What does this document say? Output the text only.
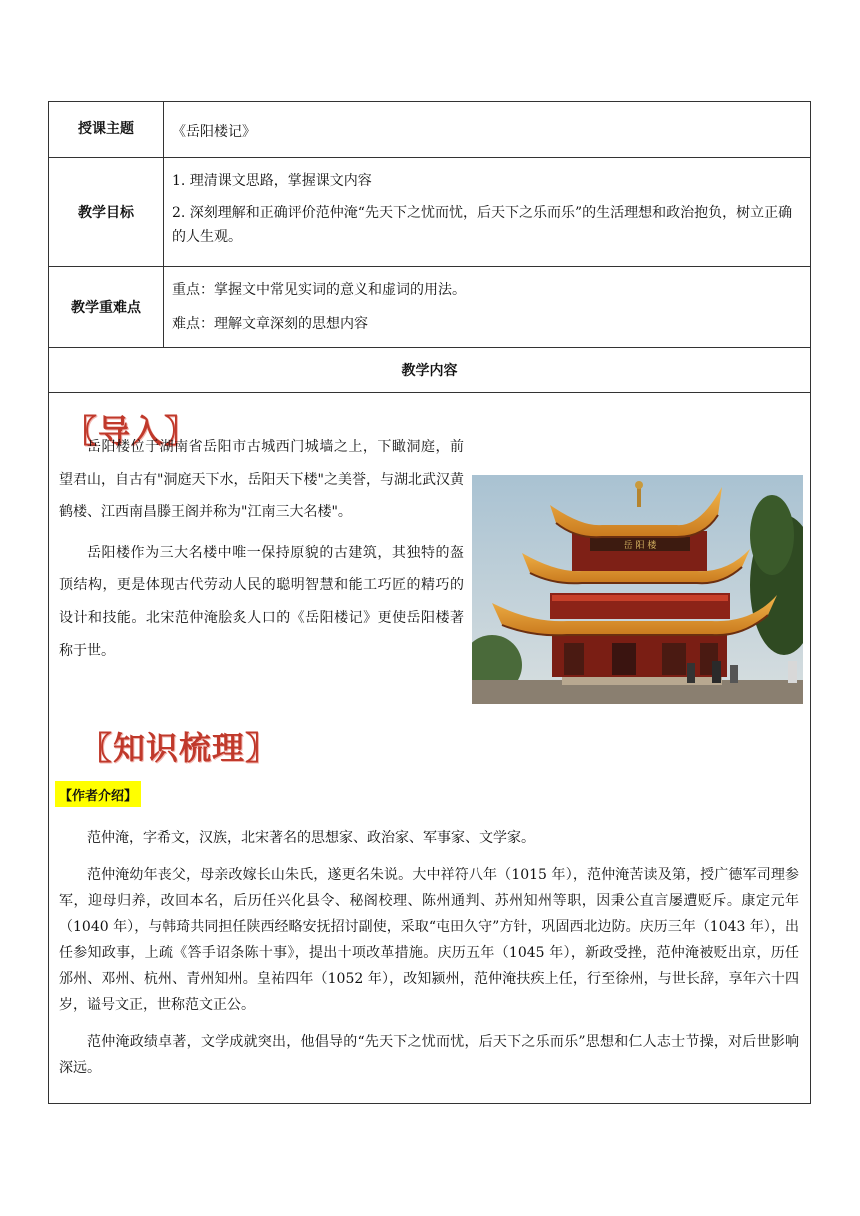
授课主题	《岳阳楼记》
教学目标

1. 理清课文思路，掌握课文内容

2. 深刻理解和正确评价范仲淹“先天下之忧而忧，后天下之乐而乐”的生活理想和政治抱负，树立正确的人生观。

教学重难点

重点：掌握文中常见实词的意义和虚词的用法。

难点：理解文章深刻的思想内容

教学内容
〖导入〗

岳阳楼位于湖南省岳阳市古城西门城墙之上，下瞰洞庭，前望君山，自古有"洞庭天下水，岳阳天下楼"之美誉，与湖北武汉黄鹤楼、江西南昌滕王阁并称为"江南三大名楼"。

岳阳楼作为三大名楼中唯一保持原貌的古建筑，其独特的盔顶结构，更是体现古代劳动人民的聪明智慧和能工巧匠的精巧的设计和技能。北宋范仲淹脍炙人口的《岳阳楼记》更使岳阳楼著称于世。

岳 阳 楼
〖知识梳理〗
【作者介绍】

范仲淹，字希文，汉族，北宋著名的思想家、政治家、军事家、文学家。

范仲淹幼年丧父，母亲改嫁长山朱氏，遂更名朱说。大中祥符八年（1015 年），范仲淹苦读及第，授广德军司理参军，迎母归养，改回本名，后历任兴化县令、秘阁校理、陈州通判、苏州知州等职，因秉公直言屡遭贬斥。康定元年（1040 年），与韩琦共同担任陕西经略安抚招讨副使，采取“屯田久守”方针，巩固西北边防。庆历三年（1043 年），出任参知政事，上疏《答手诏条陈十事》，提出十项改革措施。庆历五年（1045 年），新政受挫，范仲淹被贬出京，历任邠州、邓州、杭州、青州知州。皇祐四年（1052 年），改知颍州，范仲淹扶疾上任，行至徐州，与世长辞，享年六十四岁，谥号文正，世称范文正公。

范仲淹政绩卓著，文学成就突出，他倡导的“先天下之忧而忧，后天下之乐而乐”思想和仁人志士节操，对后世影响深远。
